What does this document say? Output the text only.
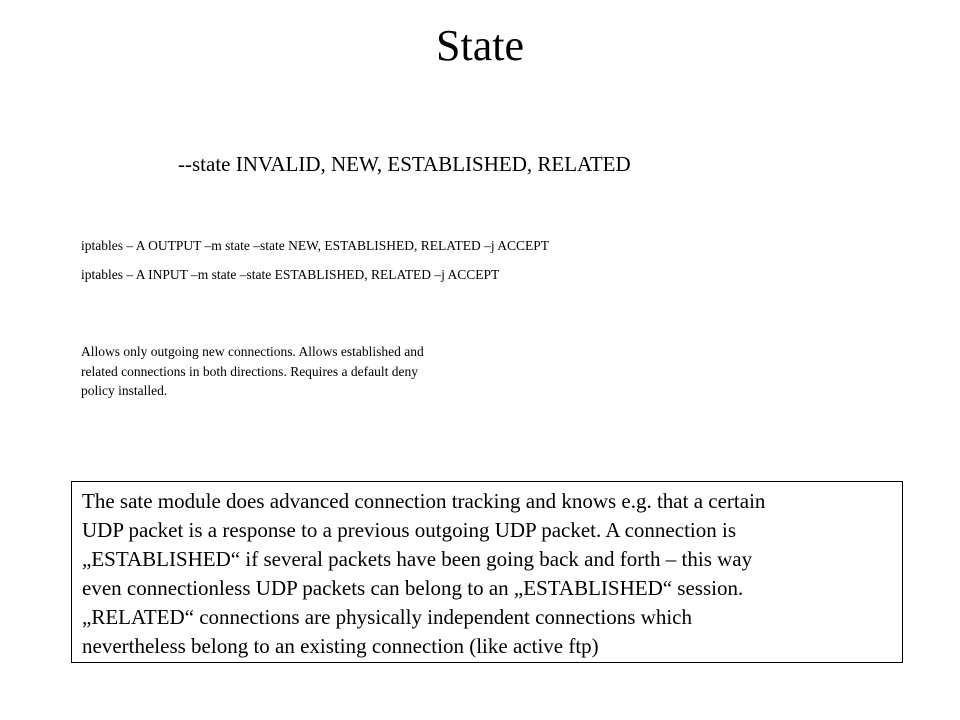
State
--state INVALID, NEW, ESTABLISHED, RELATED
iptables – A OUTPUT –m state –state NEW, ESTABLISHED, RELATED –j ACCEPT
iptables – A INPUT –m state –state ESTABLISHED, RELATED –j ACCEPT
Allows only outgoing new connections. Allows established and
related connections in both directions. Requires a default deny
policy installed.
The sate module does advanced connection tracking and knows e.g. that a certain
UDP packet is a response to a previous outgoing UDP packet. A connection is
„ESTABLISHED“ if several packets have been going back and forth – this way
even connectionless UDP packets can belong to an „ESTABLISHED“ session.
„RELATED“ connections are physically independent connections which
nevertheless belong to an existing connection (like active ftp)
